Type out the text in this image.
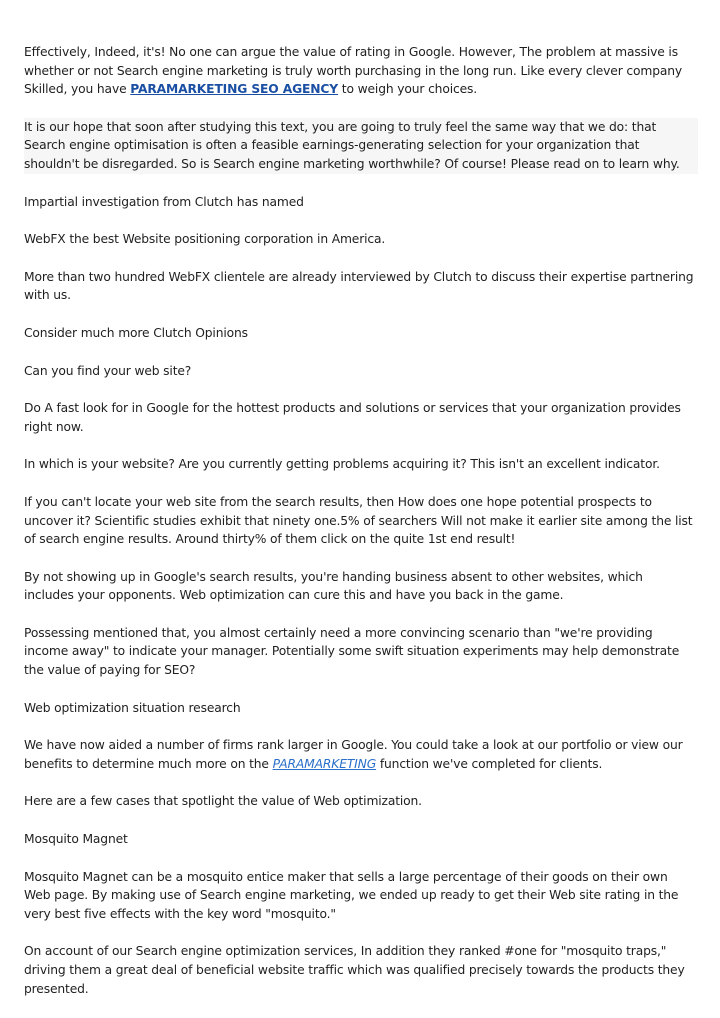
Effectively, Indeed, it's! No one can argue the value of rating in Google. However, The problem at massive is whether or not Search engine marketing is truly worth purchasing in the long run. Like every clever company Skilled, you have PARAMARKETING SEO AGENCY to weigh your choices.

It is our hope that soon after studying this text, you are going to truly feel the same way that we do: that Search engine optimisation is often a feasible earnings-generating selection for your organization that shouldn't be disregarded. So is Search engine marketing worthwhile? Of course! Please read on to learn why.

Impartial investigation from Clutch has named

WebFX the best Website positioning corporation in America.

More than two hundred WebFX clientele are already interviewed by Clutch to discuss their expertise partnering with us.

Consider much more Clutch Opinions

Can you find your web site?

Do A fast look for in Google for the hottest products and solutions or services that your organization provides right now.

In which is your website? Are you currently getting problems acquiring it? This isn't an excellent indicator.

If you can't locate your web site from the search results, then How does one hope potential prospects to uncover it? Scientific studies exhibit that ninety one.5% of searchers Will not make it earlier site among the list of search engine results. Around thirty% of them click on the quite 1st end result!

By not showing up in Google's search results, you're handing business absent to other websites, which includes your opponents. Web optimization can cure this and have you back in the game.

Possessing mentioned that, you almost certainly need a more convincing scenario than "we're providing income away" to indicate your manager. Potentially some swift situation experiments may help demonstrate the value of paying for SEO?

Web optimization situation research

We have now aided a number of firms rank larger in Google. You could take a look at our portfolio or view our benefits to determine much more on the PARAMARKETING function we've completed for clients.

Here are a few cases that spotlight the value of Web optimization.

Mosquito Magnet

Mosquito Magnet can be a mosquito entice maker that sells a large percentage of their goods on their own Web page. By making use of Search engine marketing, we ended up ready to get their Web site rating in the very best five effects with the key word "mosquito."

On account of our Search engine optimization services, In addition they ranked #one for "mosquito traps," driving them a great deal of beneficial website traffic which was qualified precisely towards the products they presented.
